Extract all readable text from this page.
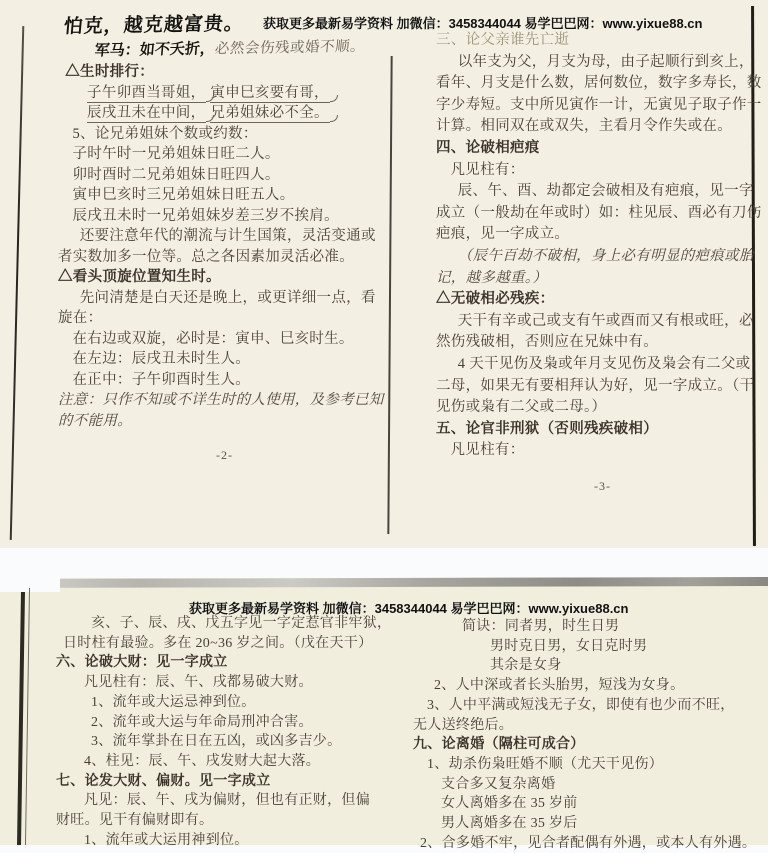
怕克，越克越富贵。 获取更多最新易学资料 加微信：3458344044 易学巴巴网：www.yixue88.cn
军马：如不夭折，必然会伤残或婚不顺。
△生时排行：
子午卯酉当哥姐， 寅申巳亥要有哥，
辰戌丑未在中间， 兄弟姐妹必不全。
5、论兄弟姐妹个数或约数：
子时午时一兄弟姐妹日旺二人。
卯时酉时二兄弟姐妹日旺四人。
寅申巳亥时三兄弟姐妹日旺五人。
辰戌丑未时一兄弟姐妹岁差三岁不挨肩。
还要注意年代的潮流与计生国策，灵活变通或
者实数加多一位等。总之各因素加灵活必准。
△看头顶旋位置知生时。
先问清楚是白天还是晚上，或更详细一点，看
旋在：
在右边或双旋，必时是：寅申、巳亥时生。
在左边：辰戌丑未时生人。
在正中：子午卯酉时生人。
注意：只作不知或不详生时的人使用，及参考已知
的不能用。
-2-
三、论父亲谁先亡逝
以年支为父，月支为母，由子起顺行到亥上，
看年、月支是什么数，居何数位，数字多寿长，数
字少寿短。支中所见寅作一计，无寅见子取子作一
计算。相同双在或双失，主看月令作失或在。
四、论破相疤痕
凡见柱有：
辰、午、酉、劫都定会破相及有疤痕，见一字
成立（一般劫在年或时）如：柱见辰、酉必有刀伤
疤痕，见一字成立。
（辰午百劫不破相，身上必有明显的疤痕或胎
记，越多越重。）
△无破相必残疾：
天干有辛或己或支有午或酉而又有根或旺，必
然伤残破相，否则应在兄妹中有。
4 天干见伤及枭或年月支见伤及枭会有二父或
二母，如果无有要相拜认为好，见一字成立。（干
见伤或枭有二父或二母。）
五、论官非刑狱（否则残疾破相）
凡见柱有：
-3-
获取更多最新易学资料 加微信：3458344044 易学巴巴网：www.yixue88.cn
亥、子、辰、戌、戊五字见一字定惹官非牢狱，
日时柱有最验。多在 20~36 岁之间。（戊在天干）
六、论破大财：见一字成立
凡见柱有：辰、午、戌都易破大财。
1、流年或大运忌神到位。
2、流年或大运与年命局刑冲合害。
3、流年掌卦在日在五凶，或凶多吉少。
4、柱见：辰、午、戌发财大起大落。
七、论发大财、偏财。见一字成立
凡见：辰、午、戌为偏财，但也有正财，但偏
财旺。见干有偏财即有。
1、流年或大运用神到位。
简诀：同者男，时生日男
男时克日男，女日克时男
其余是女身
2、人中深或者长头胎男，短浅为女身。
3、人中平满或短浅无子女，即使有也少而不旺，
无人送终绝后。
九、论离婚（隔柱可成合）
1、劫杀伤枭旺婚不顺（尤天干见伤）
支合多又复杂离婚
女人离婚多在 35 岁前
男人离婚多在 35 岁后
2、合多婚不牢，见合者配偶有外遇，或本人有外遇。
